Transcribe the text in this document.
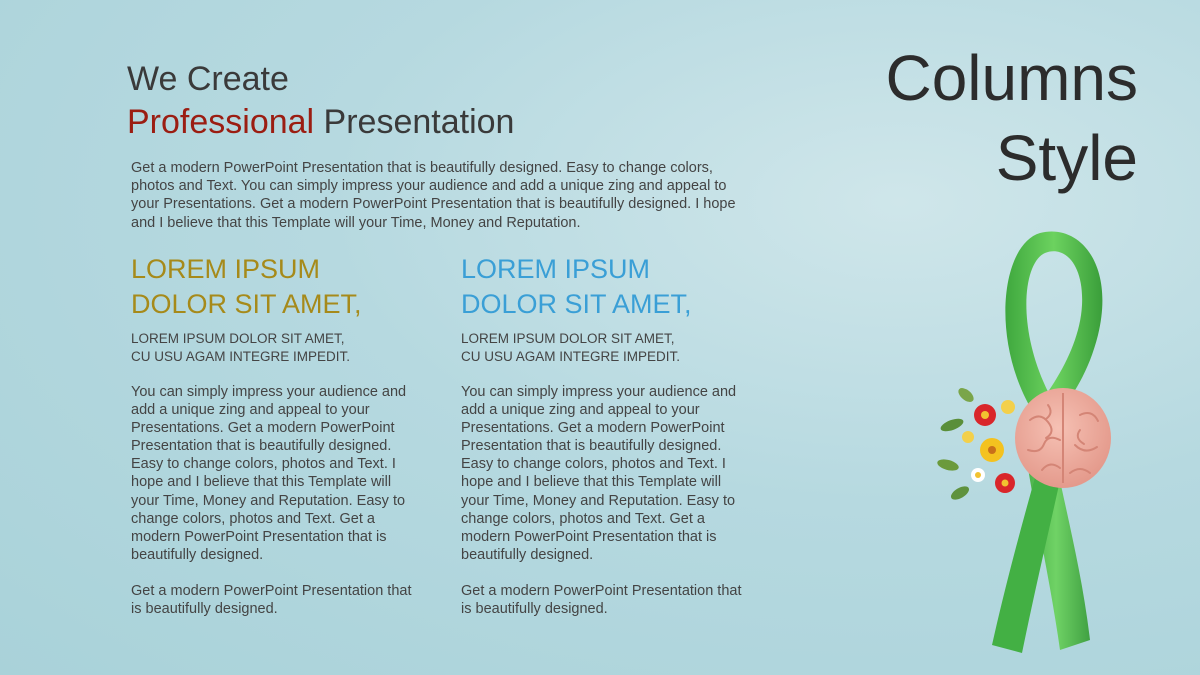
We Create
Professional Presentation
Columns
Style
Get a modern PowerPoint Presentation that is beautifully designed. Easy to change colors, photos and Text. You can simply impress your audience and add a unique zing and appeal to your Presentations. Get a modern PowerPoint Presentation that is beautifully designed. I hope and I believe that this Template will your Time, Money and Reputation.
LOREM IPSUM
DOLOR SIT AMET,
LOREM IPSUM DOLOR SIT AMET,
CU USU AGAM INTEGRE IMPEDIT.
You can simply impress your audience and add a unique zing and appeal to your Presentations. Get a modern PowerPoint Presentation that is beautifully designed. Easy to change colors, photos and Text. I hope and I believe that this Template will your Time, Money and Reputation. Easy to change colors, photos and Text. Get a modern PowerPoint Presentation that is beautifully designed.
Get a modern PowerPoint Presentation that is beautifully designed.
LOREM IPSUM
DOLOR SIT AMET,
LOREM IPSUM DOLOR SIT AMET,
CU USU AGAM INTEGRE IMPEDIT.
You can simply impress your audience and add a unique zing and appeal to your Presentations. Get a modern PowerPoint Presentation that is beautifully designed. Easy to change colors, photos and Text. I hope and I believe that this Template will your Time, Money and Reputation. Easy to change colors, photos and Text. Get a modern PowerPoint Presentation that is beautifully designed.
Get a modern PowerPoint Presentation that is beautifully designed.
